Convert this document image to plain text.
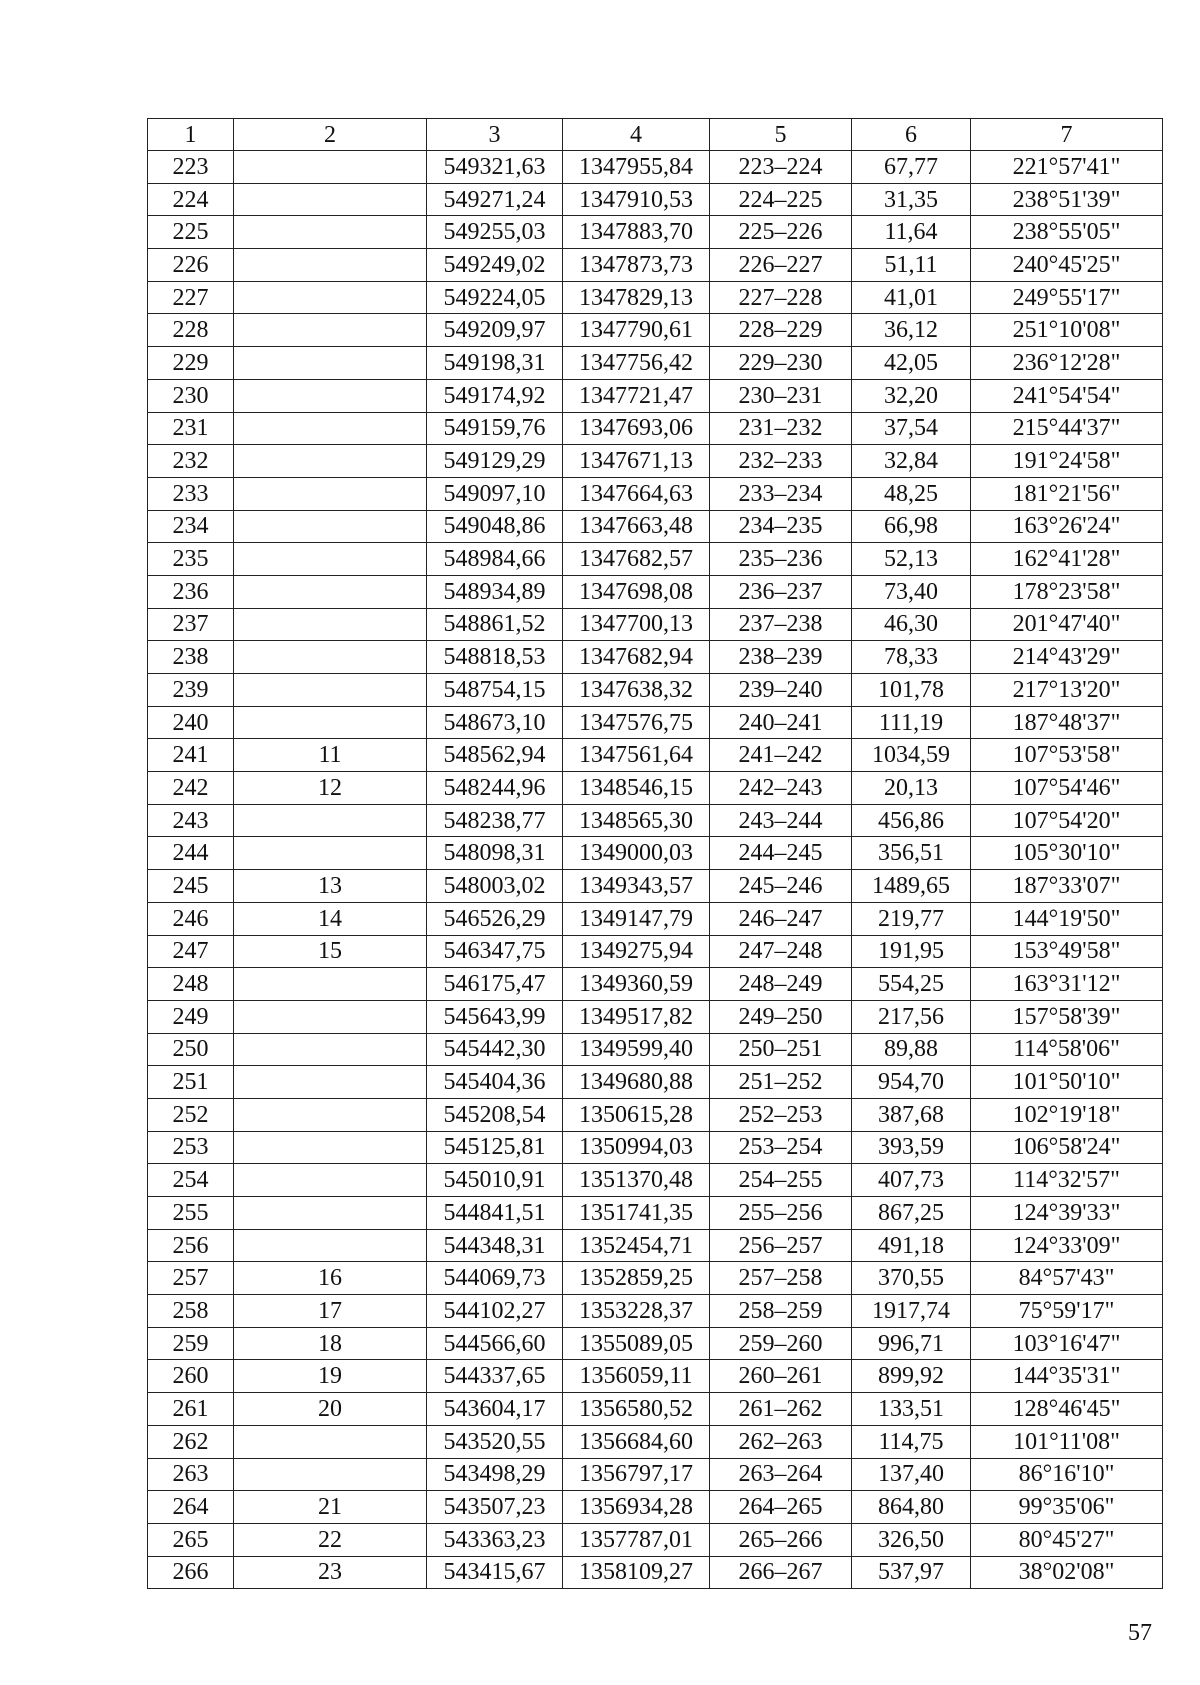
1	2	3	4	5	6	7
223		549321,63	1347955,84	223–224	67,77	221°57'41"
224		549271,24	1347910,53	224–225	31,35	238°51'39"
225		549255,03	1347883,70	225–226	11,64	238°55'05"
226		549249,02	1347873,73	226–227	51,11	240°45'25"
227		549224,05	1347829,13	227–228	41,01	249°55'17"
228		549209,97	1347790,61	228–229	36,12	251°10'08"
229		549198,31	1347756,42	229–230	42,05	236°12'28"
230		549174,92	1347721,47	230–231	32,20	241°54'54"
231		549159,76	1347693,06	231–232	37,54	215°44'37"
232		549129,29	1347671,13	232–233	32,84	191°24'58"
233		549097,10	1347664,63	233–234	48,25	181°21'56"
234		549048,86	1347663,48	234–235	66,98	163°26'24"
235		548984,66	1347682,57	235–236	52,13	162°41'28"
236		548934,89	1347698,08	236–237	73,40	178°23'58"
237		548861,52	1347700,13	237–238	46,30	201°47'40"
238		548818,53	1347682,94	238–239	78,33	214°43'29"
239		548754,15	1347638,32	239–240	101,78	217°13'20"
240		548673,10	1347576,75	240–241	111,19	187°48'37"
241	11	548562,94	1347561,64	241–242	1034,59	107°53'58"
242	12	548244,96	1348546,15	242–243	20,13	107°54'46"
243		548238,77	1348565,30	243–244	456,86	107°54'20"
244		548098,31	1349000,03	244–245	356,51	105°30'10"
245	13	548003,02	1349343,57	245–246	1489,65	187°33'07"
246	14	546526,29	1349147,79	246–247	219,77	144°19'50"
247	15	546347,75	1349275,94	247–248	191,95	153°49'58"
248		546175,47	1349360,59	248–249	554,25	163°31'12"
249		545643,99	1349517,82	249–250	217,56	157°58'39"
250		545442,30	1349599,40	250–251	89,88	114°58'06"
251		545404,36	1349680,88	251–252	954,70	101°50'10"
252		545208,54	1350615,28	252–253	387,68	102°19'18"
253		545125,81	1350994,03	253–254	393,59	106°58'24"
254		545010,91	1351370,48	254–255	407,73	114°32'57"
255		544841,51	1351741,35	255–256	867,25	124°39'33"
256		544348,31	1352454,71	256–257	491,18	124°33'09"
257	16	544069,73	1352859,25	257–258	370,55	84°57'43"
258	17	544102,27	1353228,37	258–259	1917,74	75°59'17"
259	18	544566,60	1355089,05	259–260	996,71	103°16'47"
260	19	544337,65	1356059,11	260–261	899,92	144°35'31"
261	20	543604,17	1356580,52	261–262	133,51	128°46'45"
262		543520,55	1356684,60	262–263	114,75	101°11'08"
263		543498,29	1356797,17	263–264	137,40	86°16'10"
264	21	543507,23	1356934,28	264–265	864,80	99°35'06"
265	22	543363,23	1357787,01	265–266	326,50	80°45'27"
266	23	543415,67	1358109,27	266–267	537,97	38°02'08"
57
